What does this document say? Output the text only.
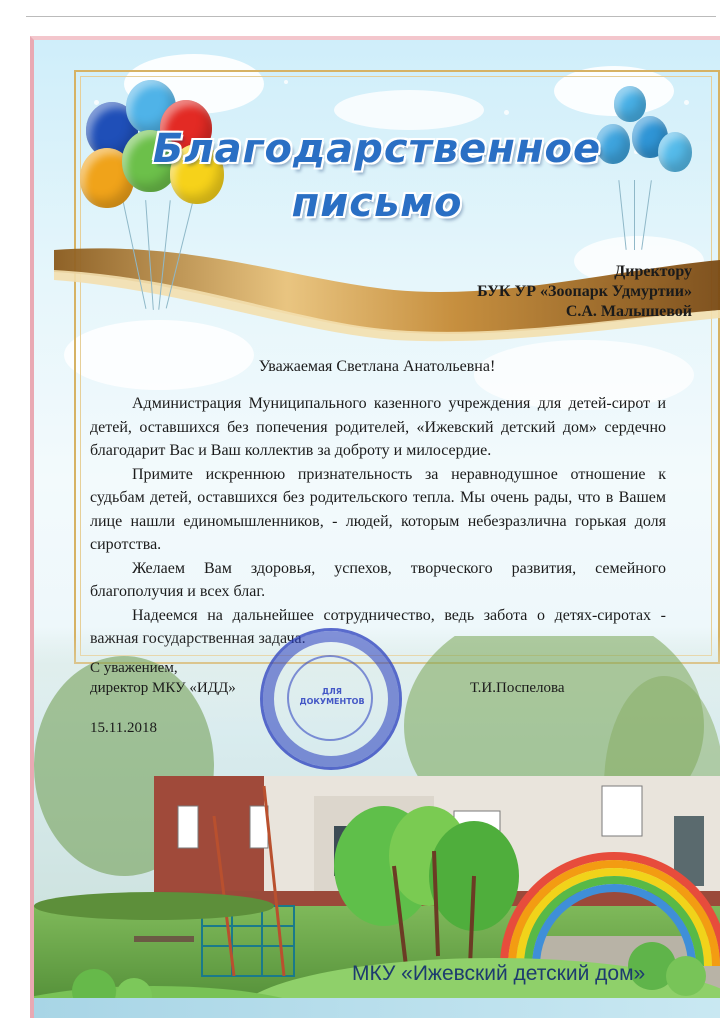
Благодарственное
письмо
Директору
БУК УР «Зоопарк Удмуртии»
С.А. Малышевой
Уважаемая Светлана Анатольевна!

Администрация Муниципального казенного учреждения для детей-сирот и детей, оставшихся без попечения родителей, «Ижевский детский дом» сердечно благодарит Вас и Ваш коллектив за доброту и милосердие.

Примите искреннюю признательность за неравнодушное отношение к судьбам детей, оставшихся без родительского тепла. Мы очень рады, что в Вашем лице нашли единомышленников, - людей, которым небезразлична горькая доля сиротства.

Желаем Вам здоровья, успехов, творческого развития, семейного благополучия и всех благ.

Надеемся на дальнейшее сотрудничество, ведь забота о детях-сиротах -

ДЛЯ ДОКУМЕНТОВ
С уважением,
директор МКУ «ИДД»	Т.И.Поспелова
15.11.2018
МКУ «Ижевский детский дом»
